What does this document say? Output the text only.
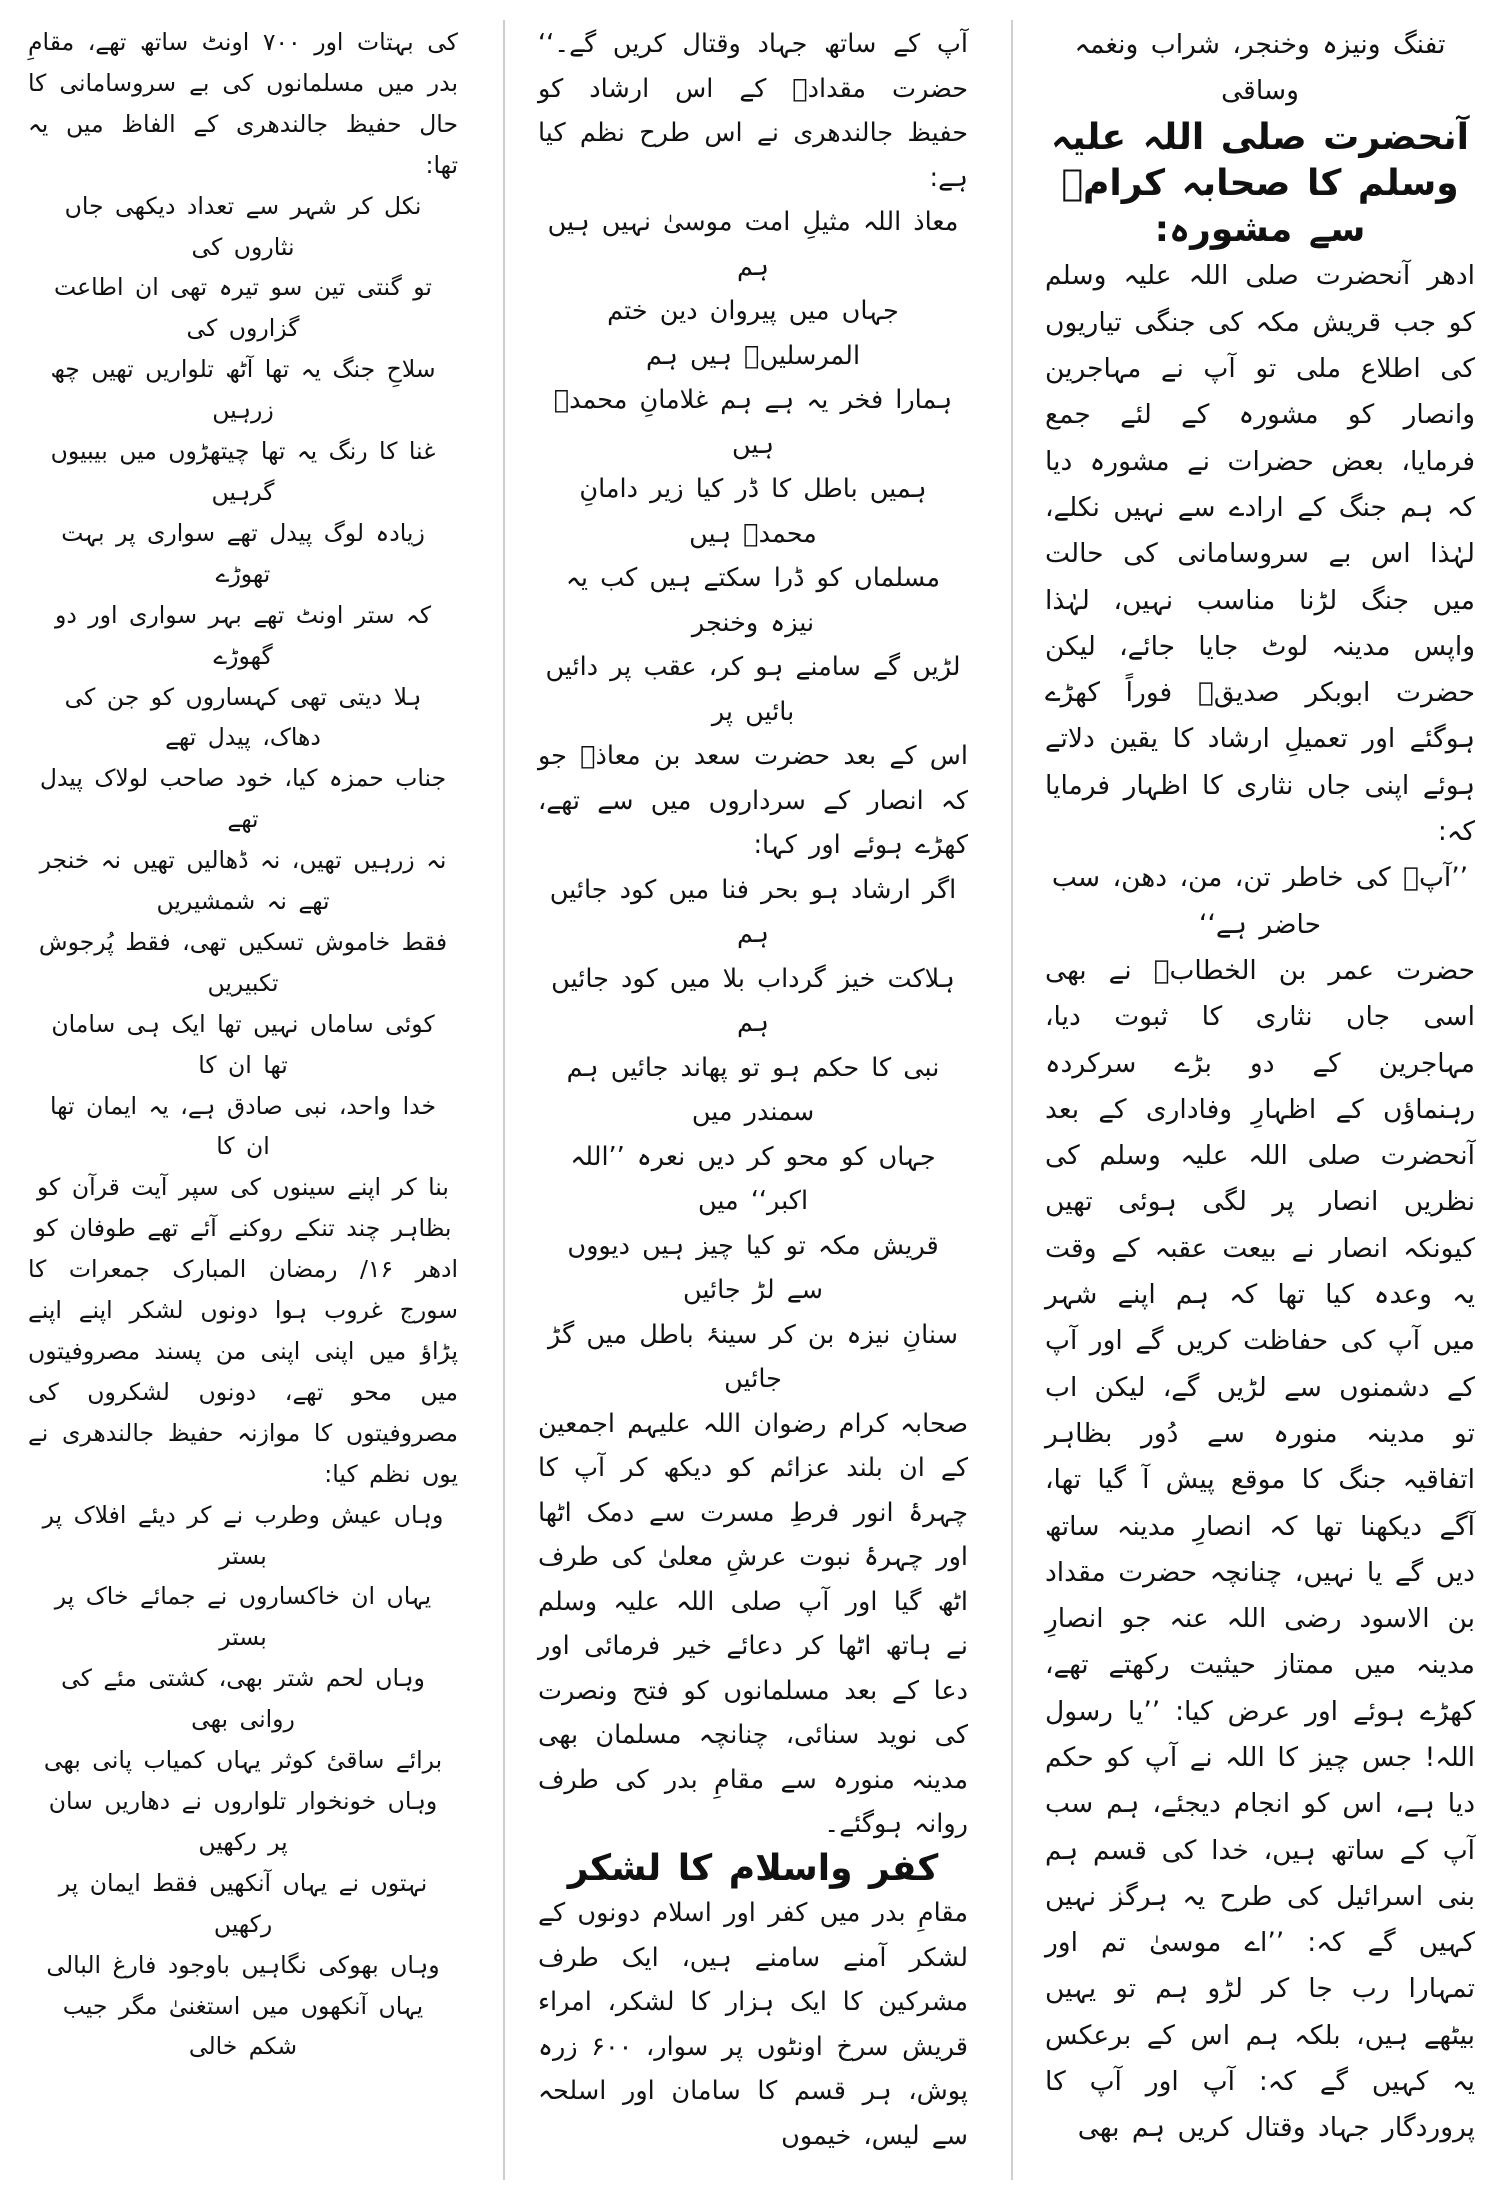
تفنگ ونیزہ وخنجر، شراب ونغمہ وساقی

آنحضرت صلی اللہ علیہ وسلم کا صحابہ کرامؓ سے مشورہ:

ادھر آنحضرت صلی اللہ علیہ وسلم کو جب قریش مکہ کی جنگی تیاریوں کی اطلاع ملی تو آپ نے مہاجرین وانصار کو مشورہ کے لئے جمع فرمایا، بعض حضرات نے مشورہ دیا کہ ہم جنگ کے ارادے سے نہیں نکلے، لہٰذا اس بے سروسامانی کی حالت میں جنگ لڑنا مناسب نہیں، لہٰذا واپس مدینہ لوٹ جایا جائے، لیکن حضرت ابوبکر صدیقؓ فوراً کھڑے ہوگئے اور تعمیلِ ارشاد کا یقین دلاتے ہوئے اپنی جاں نثاری کا اظہار فرمایا کہ:

’’آپؐ کی خاطر تن، من، دھن، سب حاضر ہے‘‘

حضرت عمر بن الخطابؓ نے بھی اسی جاں نثاری کا ثبوت دیا، مہاجرین کے دو بڑے سرکردہ رہنماؤں کے اظہارِ وفاداری کے بعد آنحضرت صلی اللہ علیہ وسلم کی نظریں انصار پر لگی ہوئی تھیں کیونکہ انصار نے بیعت عقبہ کے وقت یہ وعدہ کیا تھا کہ ہم اپنے شہر میں آپ کی حفاظت کریں گے اور آپ کے دشمنوں سے لڑیں گے، لیکن اب تو مدینہ منورہ سے دُور بظاہر اتفاقیہ جنگ کا موقع پیش آ گیا تھا، آگے دیکھنا تھا کہ انصارِ مدینہ ساتھ دیں گے یا نہیں، چنانچہ حضرت مقداد بن الاسود رضی اللہ عنہ جو انصارِ مدینہ میں ممتاز حیثیت رکھتے تھے، کھڑے ہوئے اور عرض کیا: ’’یا رسول اللہ! جس چیز کا اللہ نے آپ کو حکم دیا ہے، اس کو انجام دیجئے، ہم سب آپ کے ساتھ ہیں، خدا کی قسم ہم بنی اسرائیل کی طرح یہ ہرگز نہیں کہیں گے کہ: ’’اے موسیٰ تم اور تمہارا رب جا کر لڑو ہم تو یہیں بیٹھے ہیں، بلکہ ہم اس کے برعکس یہ کہیں گے کہ: آپ اور آپ کا پروردگار جہاد وقتال کریں ہم بھی

آپ کے ساتھ جہاد وقتال کریں گے۔‘‘ حضرت مقدادؓ کے اس ارشاد کو حفیظ جالندھری نے اس طرح نظم کیا ہے:

معاذ اللہ مثیلِ امت موسیٰ نہیں ہیں ہم

جہاں میں پیروان دین ختم المرسلیںؐ ہیں ہم

ہمارا فخر یہ ہے ہم غلامانِ محمدؐ ہیں

ہمیں باطل کا ڈر کیا زیر دامانِ محمدؐ ہیں

مسلماں کو ڈرا سکتے ہیں کب یہ نیزہ وخنجر

لڑیں گے سامنے ہو کر، عقب پر دائیں بائیں پر

اس کے بعد حضرت سعد بن معاذؓ جو کہ انصار کے سرداروں میں سے تھے، کھڑے ہوئے اور کہا:

اگر ارشاد ہو بحر فنا میں کود جائیں ہم

ہلاکت خیز گرداب بلا میں کود جائیں ہم

نبی کا حکم ہو تو پھاند جائیں ہم سمندر میں

جہاں کو محو کر دیں نعرہ ’’اللہ اکبر‘‘ میں

قریش مکہ تو کیا چیز ہیں دیووں سے لڑ جائیں

سنانِ نیزہ بن کر سینۂ باطل میں گڑ جائیں

صحابہ کرام رضوان اللہ علیہم اجمعین کے ان بلند عزائم کو دیکھ کر آپ کا چہرۂ انور فرطِ مسرت سے دمک اٹھا اور چہرۂ نبوت عرشِ معلیٰ کی طرف اٹھ گیا اور آپ صلی اللہ علیہ وسلم نے ہاتھ اٹھا کر دعائے خیر فرمائی اور دعا کے بعد مسلمانوں کو فتح ونصرت کی نوید سنائی، چنانچہ مسلمان بھی مدینہ منورہ سے مقامِ بدر کی طرف روانہ ہوگئے۔

کفر واسلام کا لشکر

مقامِ بدر میں کفر اور اسلام دونوں کے لشکر آمنے سامنے ہیں، ایک طرف مشرکین کا ایک ہزار کا لشکر، امراء قریش سرخ اونٹوں پر سوار، ۶۰۰ زرہ پوش، ہر قسم کا سامان اور اسلحہ سے لیس، خیموں

کی بہتات اور ۷۰۰ اونٹ ساتھ تھے، مقامِ بدر میں مسلمانوں کی بے سروسامانی کا حال حفیظ جالندھری کے الفاظ میں یہ تھا:

نکل کر شہر سے تعداد دیکھی جاں نثاروں کی

تو گنتی تین سو تیرہ تھی ان اطاعت گزاروں کی

سلاحِ جنگ یہ تھا آٹھ تلواریں تھیں چھ زرہیں

غنا کا رنگ یہ تھا چیتھڑوں میں بیبیوں گرہیں

زیادہ لوگ پیدل تھے سواری پر بہت تھوڑے

کہ ستر اونٹ تھے بہر سواری اور دو گھوڑے

ہلا دیتی تھی کہساروں کو جن کی دھاک، پیدل تھے

جناب حمزہ کیا، خود صاحب لولاک پیدل تھے

نہ زرہیں تھیں، نہ ڈھالیں تھیں نہ خنجر تھے نہ شمشیریں

فقط خاموش تسکیں تھی، فقط پُرجوش تکبیریں

کوئی ساماں نہیں تھا ایک ہی سامان تھا ان کا

خدا واحد، نبی صادق ہے، یہ ایمان تھا ان کا

بنا کر اپنے سینوں کی سپر آیت قرآن کو

بظاہر چند تنکے روکنے آئے تھے طوفان کو

ادھر ۱۶/ رمضان المبارک جمعرات کا سورج غروب ہوا دونوں لشکر اپنے اپنے پڑاؤ میں اپنی اپنی من پسند مصروفیتوں میں محو تھے، دونوں لشکروں کی مصروفیتوں کا موازنہ حفیظ جالندھری نے یوں نظم کیا:

وہاں عیش وطرب نے کر دیئے افلاک پر بستر

یہاں ان خاکساروں نے جمائے خاک پر بستر

وہاں لحم شتر بھی، کشتی مئے کی روانی بھی

برائے ساقیٔ کوثر یہاں کمیاب پانی بھی

وہاں خونخوار تلواروں نے دھاریں سان پر رکھیں

نہتوں نے یہاں آنکھیں فقط ایمان پر رکھیں

وہاں بھوکی نگاہیں باوجود فارغ البالی

یہاں آنکھوں میں استغنیٰ مگر جیب شکم خالی
